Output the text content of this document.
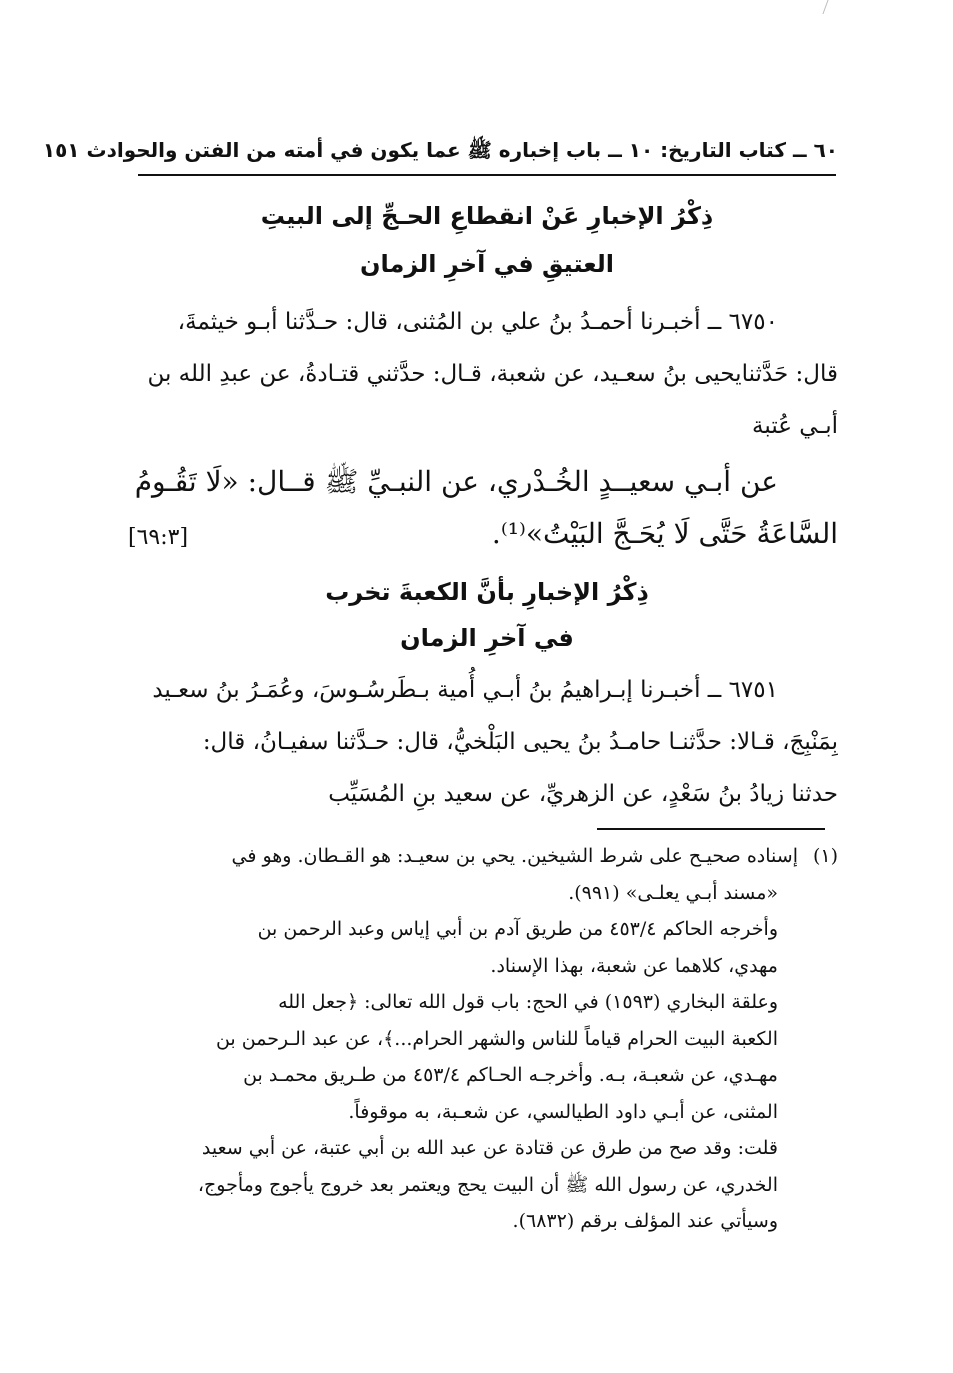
٦٠ ــ كتاب التاريخ: ١٠ ــ باب إخباره ﷺ عما يكون في أمته من الفتن والحوادث ١٥١
ذِكْرُ الإخبارِ عَنْ انقطاعِ الحـجِّ إلى البيتِ
العتيقِ في آخرِ الزمان
٦٧٥٠ ــ أخبـرنا أحمـدُ بنُ علي بن المُثنى، قال: حـدَّثنا أبـو خيثمةَ،
قال: حَدَّثنايحيى بنُ سعـيد، عن شعبة، قـال: حدَّثني قتـادةُ، عن عبدِ الله بن
أبـي عُتبة
عن أبـي سعيــدٍ الخُـدْري، عن النبـيِّ ﷺ قــال: «لَا تَقُـومُ
السَّاعَةُ حَتَّى لَا يُحَـجَّ البَيْتُ»⁽¹⁾.
[٦٩:٣]
ذِكْرُ الإخبارِ بأنَّ الكعبةَ تخرب
في آخرِ الزمان
٦٧٥١ ــ أخبـرنا إبـراهيمُ بنُ أبـي أُمية بـطَرسُـوسَ، وعُمَـرُ بنُ سعـيد
بِمَنْبِجَ، قـالا: حدَّثنـا حامـدُ بنُ يحيى البَلْخيُّ، قال: حـدَّثنا سفيـانُ، قال:
حدثنا زيادُ بنُ سَعْدٍ، عن الزهريِّ، عن سعيد بنِ المُسَيِّب
(١)إسناده صحيـح على شرط الشيخين. يحي بن سعيـد: هو القـطان. وهو في
«مسند أبـي يعلـى» (٩٩١).
وأخرجه الحاكم ٤٥٣/٤ من طريق آدم بن أبي إياس وعبد الرحمن بن
مهدي، كلاهما عن شعبة، بهذا الإسناد.
وعلقة البخاري (١٥٩٣) في الحج: باب قول الله تعالى: ﴿جعل الله
الكعبة البيت الحرام قياماً للناس والشهر الحرام...﴾، عن عبد الـرحمن بن
مهـدي، عن شعبـة، بـه. وأخرجـه الحـاكم ٤٥٣/٤ من طـريق محمـد بن
المثنى، عن أبـي داود الطيالسي، عن شعـبة، به موقوفاً.
قلت: وقد صح من طرق عن قتادة عن عبد الله بن أبي عتبة، عن أبي سعيد
الخدري، عن رسول الله ﷺ أن البيت يحج ويعتمر بعد خروج يأجوج ومأجوج،
وسيأتي عند المؤلف برقم (٦٨٣٢).
